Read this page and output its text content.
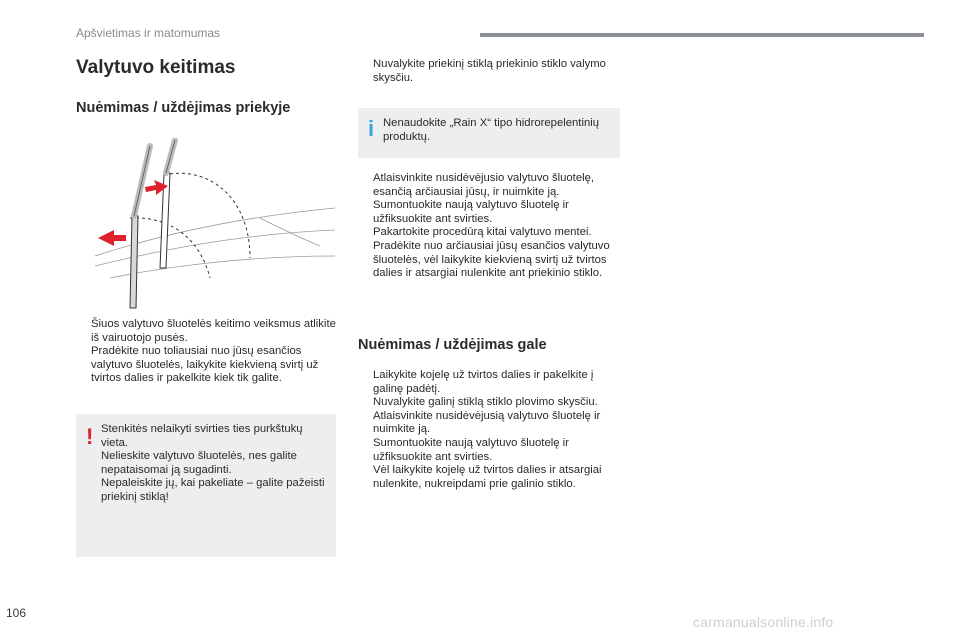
Apšvietimas ir matomumas
Valytuvo keitimas
Nuėmimas / uždėjimas priekyje
Šiuos valytuvo šluotelės keitimo veiksmus atlikite iš vairuotojo pusės.
Pradėkite nuo toliausiai nuo jūsų esančios valytuvo šluotelės, laikykite kiekvieną svirtį už tvirtos dalies ir pakelkite kiek tik galite.
! Stenkitės nelaikyti svirties ties purkštukų vieta.

Nelieskite valytuvo šluotelės, nes galite nepataisomai ją sugadinti.

Nepaleiskite jų, kai pakeliate – galite pažeisti priekinį stiklą!

Nuvalykite priekinį stiklą priekinio stiklo valymo skysčiu.
i Nenaudokite „Rain X“ tipo hidrorepelentinių produktų.

Atlaisvinkite nusidėvėjusio valytuvo šluotelę, esančią arčiausiai jūsų, ir nuimkite ją.
Sumontuokite naują valytuvo šluotelę ir užfiksuokite ant svirties.
Pakartokite procedūrą kitai valytuvo mentei.
Pradėkite nuo arčiausiai jūsų esančios valytuvo šluotelės, vėl laikykite kiekvieną svirtį už tvirtos dalies ir atsargiai nulenkite ant priekinio stiklo.
Nuėmimas / uždėjimas gale
Laikykite kojelę už tvirtos dalies ir pakelkite į galinę padėtį.
Nuvalykite galinį stiklą stiklo plovimo skysčiu.
Atlaisvinkite nusidėvėjusią valytuvo šluotelę ir nuimkite ją.
Sumontuokite naują valytuvo šluotelę ir užfiksuokite ant svirties.
Vėl laikykite kojelę už tvirtos dalies ir atsargiai nulenkite, nukreipdami prie galinio stiklo.
106
carmanualsonline.info
